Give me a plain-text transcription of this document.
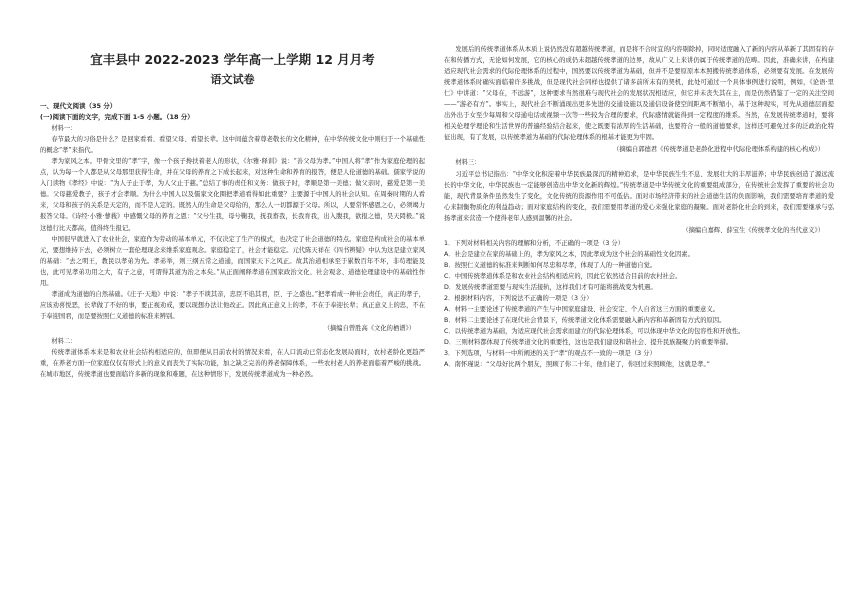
宜丰县中 2022-2023 学年高一上学期 12 月月考
语文试卷
一、现代文阅读（35 分）
(一)阅读下面的文字，完成下面 1-5 小题。（18 分）
材料一：

春节最大的习俗是什么？是回家看看、看望父母、看望长辈。这中间蕴含着尊老敬长的文化精神，在中华传统文化中则归于一个基础性的概念“孝”来指代。

孝为家风之本。甲骨文里的“孝”字，像一个孩子搀扶着老人的形状，《尔雅·释训》说：“善父母为孝。”中国人将“孝”作为家庭伦理的起点，认为每一个人都是从父母那里获得生命，并在父母的养育之下成长起来，对这种生命和养育的报答，便是人伦道德的基础。儒家学说的入门读物《孝经》中说：“为人子止于孝，为人父止于慈。”总结了事的责任和义务：做孩子时，孝顺是第一美德；做父亲时，慈爱是第一美德。父母慈爱教子，孩子才会孝顺。为什么中国人以及儒家文化圈把孝道看得如此重要？主要源于中国人的社会认知。在周秦时期的人看来，父母和孩子的关系是天定的，而不是人定的。既然人的生命是父母给的，那么人一切都源于父母。所以，人要常怀感恩之心，必须竭力报答父母。《诗经·小雅·蓼莪》中感慨父母的养育之恩：“父兮生我，母兮鞠我，抚我畜我，长我育我，出入腹我，欲报之德，昊天罔极。”说这德行比天都高，值得终生报记。

中国很早就进入了农业社会，家庭作为劳动的基本单元，不仅决定了生产的模式，也决定了社会道德的特点。家庭是构成社会的基本单元，要想维持下去，必须树立一套伦理现念来维系家庭观念。家庭稳定了，社会才能稳定。元代陈天祥在《四书辨疑》中认为这是建立家风的基础：“去之明王，教民以孝弟为先。孝弟举，则三纲五常之道通，而国家天下之风正。故其治道相承至于累数百年不坏，非苟理能及也，此可见孝弟功用之大，有子之意，可谓得其道为治之本矣。”从正面阐释孝道在国家政治文化、社会观念、道德伦理建设中的基础性作用。

孝道成为道德的自然基础。《庄子·天地》中说：“孝子不谀其亲，忠臣不谄其君，臣、子之盛也。”把孝看成一种社会责任，真正的孝子，应该劝喜悦恶，长辈做了不好的事，要正视劝戒，要以现想办法让他改正。因此真正意义上的孝，不在于奉迎长辈；真正意义上的忠，不在于奉迎国君，而是要按照仁义道德的标准来辨别。

（摘编自曾胜高《文化的栖谱》）
材料二：

传统孝道体系本来是和农业社会结构相适应的，但即便从目前农村的情况来看，在人口流动已常态化发展局面时，农村老龄化更趋严重，在养老方面一位家庭仅仅有形式上的意义而丧失了实际功能，加之缺乏完善的养老保障体系，一些农村老人的养老面临着严峻的挑战。在城市地区，传统孝道也要面临许多新的现象和难题，在这种情形下，发展传统孝道成为一种必然。

发展后的传统孝道体系从本质上说仍然没有超越传统孝道，而是将不合时宜的内容剔除掉，同时适度融入了新的内容从革新了其固有的存在和传播方式，无论如何发展，它的核心的成仍未超越传统孝道的边界，故从广义上来讲仍属于传统孝道的范畴。因此，准确来讲，在构建适应现代社会需求的代际伦理体系的过程中，国然要以传统孝道为基础，但并不是要原原本本照搬传统孝道体系，必须要有发展。在发展传统孝道体系时确实面临着许多挑战，但是现代社会同样也提供了诸多前所未有的契机，此处可通过一个具体事例进行说明，例如，《论语·里仁》中讲道：“父母在，不远游”，这种要求当然很难与现代社会的发展状况相适应，但它并未丧失其在主，而是仍然借鉴了一定的关注空间——“游必有方”。事实上，现代社会不断涌现出更多先进的交通设施以及通信设备使空间距离不断缩小，基于这种现实，可先从道德层面提出外出于女至少每周和父母通电话或视频一次等一些较为合理的要求，代际感情就能得到一定程度的维系。当然，在发展传统孝道时，要将相关伦理学理论和生活世界的普遍经验结合起来，使之既要有浓厚的生活基础，也要符合一般的道德要求，这样还可避免过多的泛政治化特征出现，有了发展，以传统孝道为基础的代际伦理体系的根基才能更为牢固。

（摘编自郭德君《传统孝道是老龄化进程中代际伦理体系构建的核心构成》）
材料三：

习近平总书记指出：“中华文化积淀着中华民族最深沉的精神追求，是中华民族生生不息、发展壮大的丰厚滋养；中华民族创造了源远流长的中华文化，中华民族也一定能够创造出中华文化新的辉煌。”传统孝道是中华传统文化的重要组成部分，在传统社会发挥了重要的社会功能，现代背景条件虽然发生了变化，文化传统的资源作用不可低估。面对市场经济带来的社会道德生活的负面影响，我们需要培育孝道的爱心来制衡物质化的利益趋动；面对家庭结构的变化，我们需要用孝道的爱心来强化家庭的凝聚。面对老龄化社会的到来，我们需要继承与弘扬孝道来营造一个使得老年人感到温馨的社会。

（摘编自嘉辉、薛宝生《传统孝文化的当代意义》）

1．下列对材料相关内容的理解和分析，不正确的一项是（3 分）

A．社会是建立在家的基础上的，孝为家风之本，因此孝成为这个社会的基础性文化因素。

B．按照仁义道德的标准来判断如何尽忠和尽孝，体现了人的一种道德自觉。

C．中国传统孝道体系是和农业社会结构相适应的，因此它依然适合目前的农村社会。

D．发展传统孝道需要与现实生活接轨，这样我们才有可能将挑战变为机遇。

2．根据材料内容，下列说法不正确的一项是（3 分）

A．材料一主要论述了传统孝道的产生与中国家庭建设、社会安定、个人自省这三方面的重要意义。

B．材料二主要论述了在现代社会背景下，传统孝道文化体系需要融入新内容和革新固有方式的原因。

C．以传统孝道为基础，为适应现代社会需求而建立的代际伦理体系，可以体现中华文化的包容性和开放性。

D．三则材料都体现了传统孝道文化的重要性，这也是我们建设和谐社会、提升民族凝聚力的重要举措。

3．下列选项，与材料一中所阐述的关于“孝”的观点不一致的一项是（3 分）

A．南怀瑾说：“父母好比两个朋友，照顾了你二十年，他们老了，你回过来照顾他，这就是孝。”
